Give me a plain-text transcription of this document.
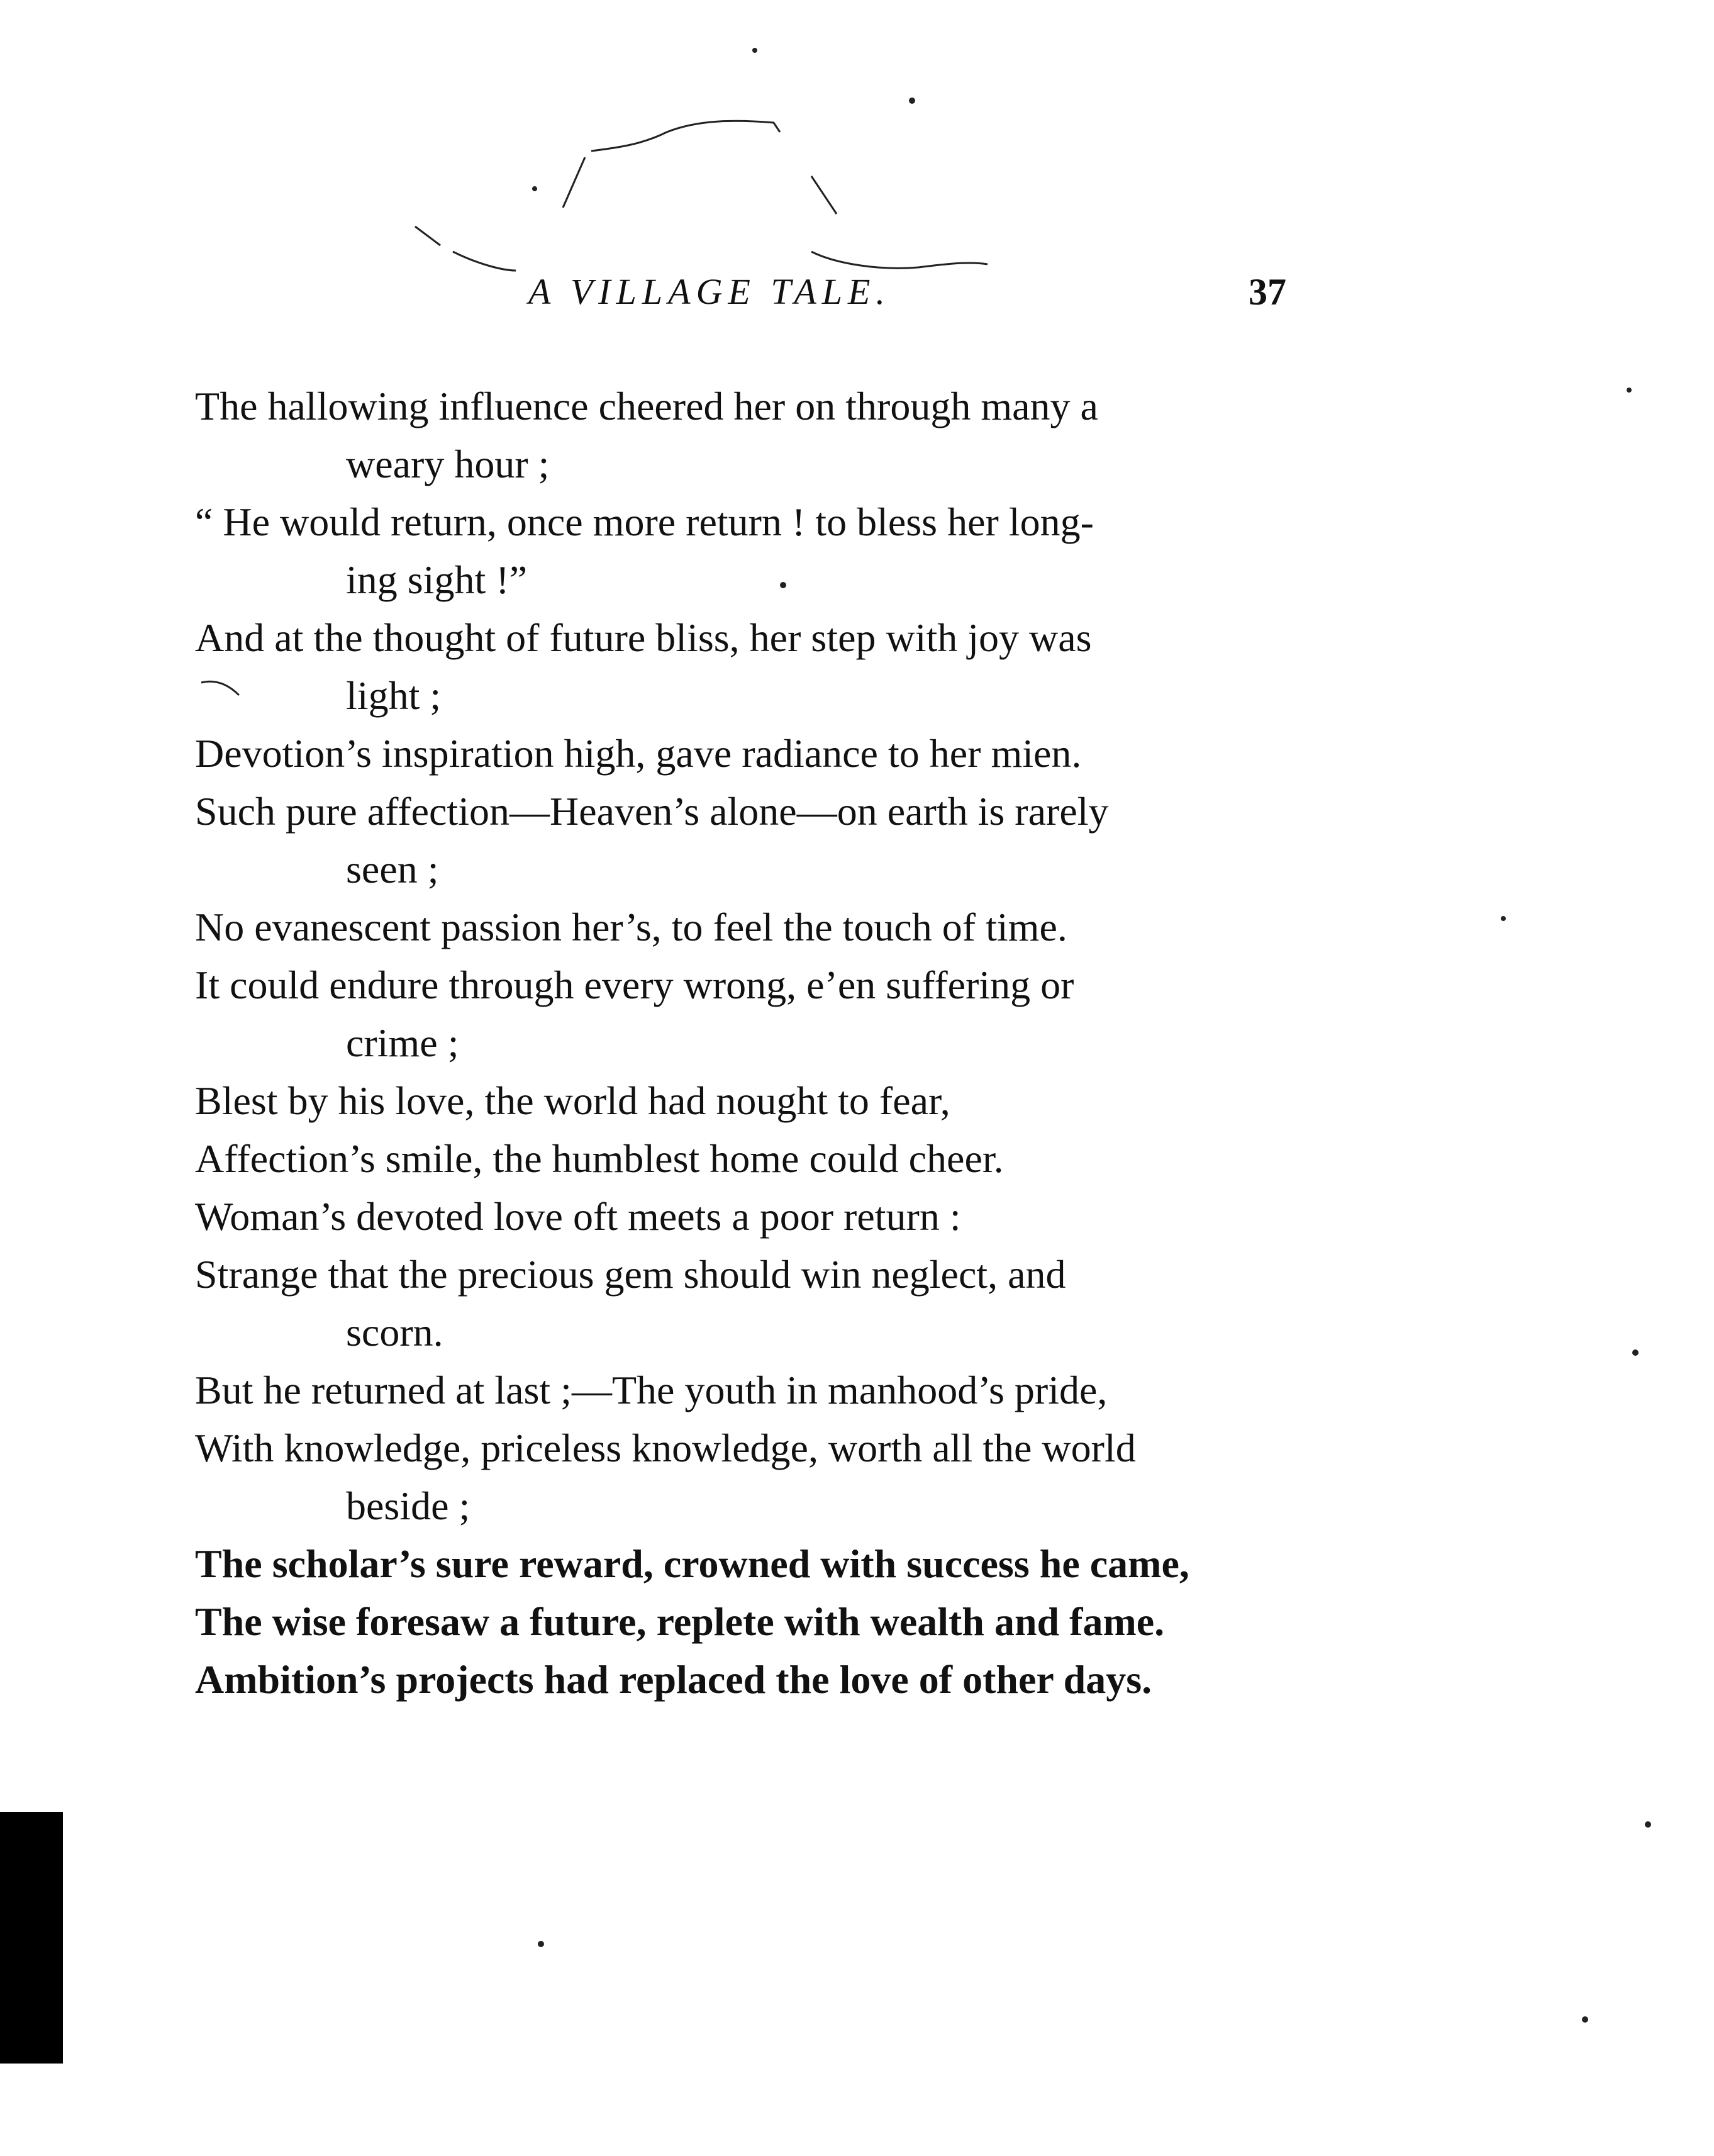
A VILLAGE TALE.	37
The hallowing influence cheered her on through many a
weary hour ;
“ He would return, once more return ! to bless her long-
ing sight !”
And at the thought of future bliss, her step with joy was
light ;
Devotion’s inspiration high, gave radiance to her mien.
Such pure affection—Heaven’s alone—on earth is rarely
seen ;
No evanescent passion her’s, to feel the touch of time.
It could endure through every wrong, e’en suffering or
crime ;
Blest by his love, the world had nought to fear,
Affection’s smile, the humblest home could cheer.
Woman’s devoted love oft meets a poor return :
Strange that the precious gem should win neglect, and
scorn.
But he returned at last ;—The youth in manhood’s pride,
With knowledge, priceless knowledge, worth all the world
beside ;
The scholar’s sure reward, crowned with success he came,
The wise foresaw a future, replete with wealth and fame.
Ambition’s projects had replaced the love of other days.
